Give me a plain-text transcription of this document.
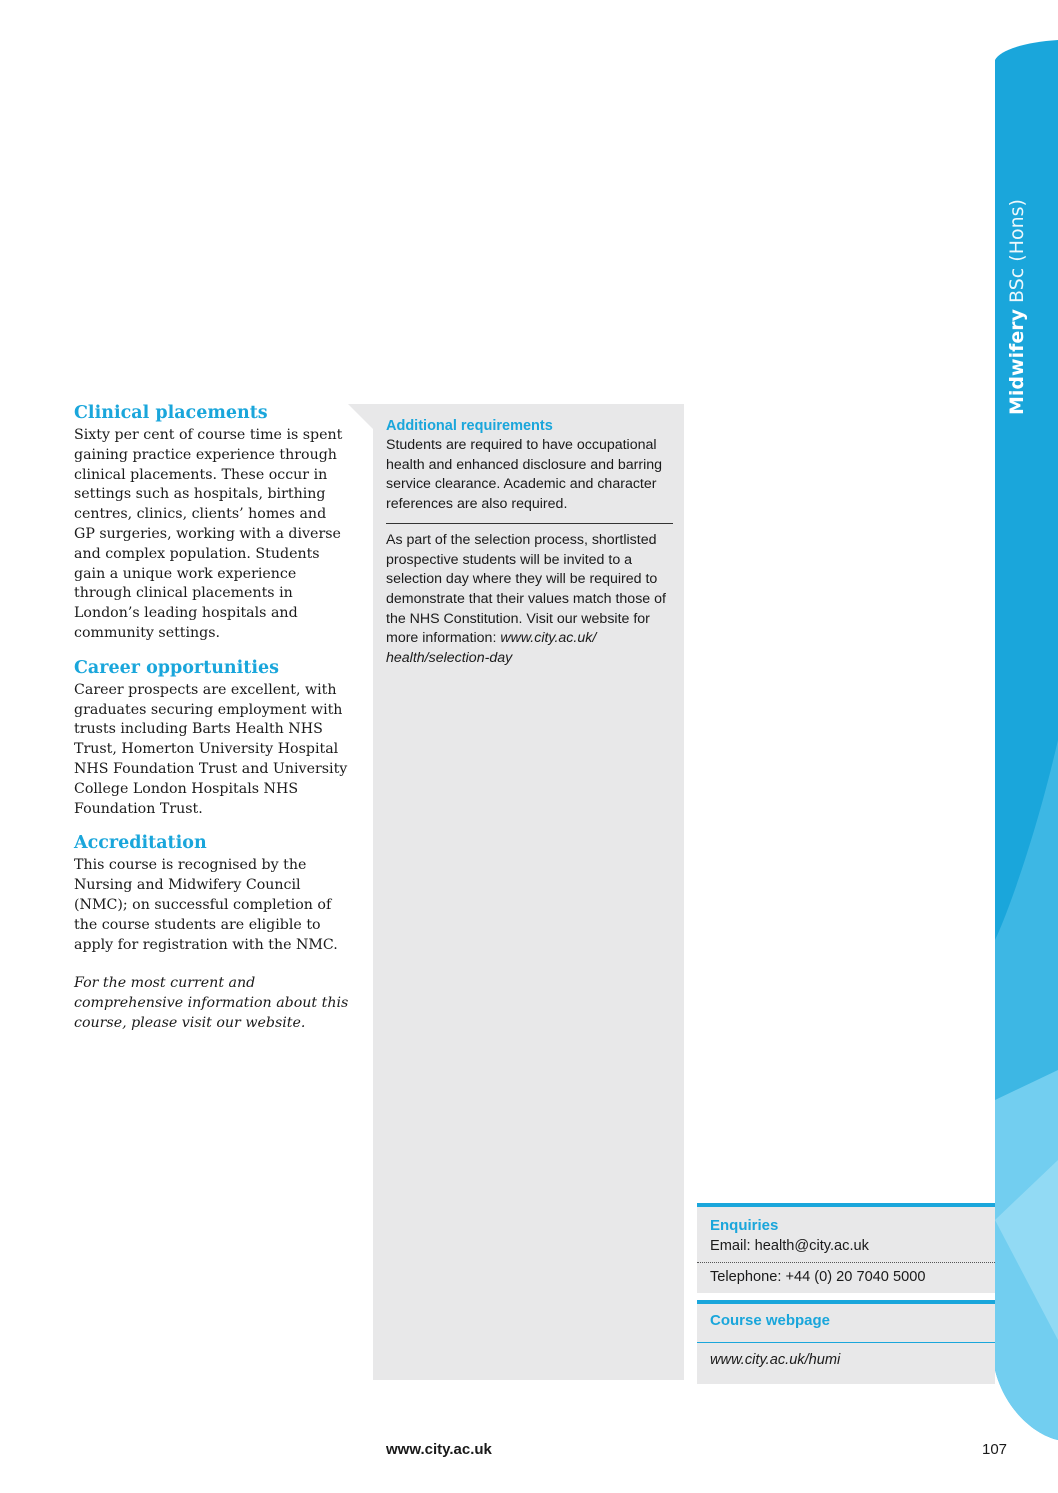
Midwifery BSc (Hons)
Clinical placements

Sixty per cent of course time is spent gaining practice experience through clinical placements. These occur in settings such as hospitals, birthing centres, clinics, clients’ homes and GP surgeries, working with a diverse and complex population. Students gain a unique work experience through clinical placements in London’s leading hospitals and community settings.

Career opportunities

Career prospects are excellent, with graduates securing employment with trusts including Barts Health NHS Trust, Homerton University Hospital NHS Foundation Trust and University College London Hospitals NHS Foundation Trust.

Accreditation

This course is recognised by the Nursing and Midwifery Council (NMC); on successful completion of the course students are eligible to apply for registration with the NMC.

For the most current and comprehensive information about this course, please visit our website.

Additional requirements

Students are required to have occupational health and enhanced disclosure and barring service clearance. Academic and character references are also required.

As part of the selection process, shortlisted prospective students will be invited to a selection day where they will be required to demonstrate that their values match those of the NHS Constitution. Visit our website for more information: www.city.ac.uk/ health/selection-day

Enquiries
Email: health@city.ac.uk
Telephone: +44 (0) 20 7040 5000
Course webpage
www.city.ac.uk/humi
www.city.ac.uk	107
